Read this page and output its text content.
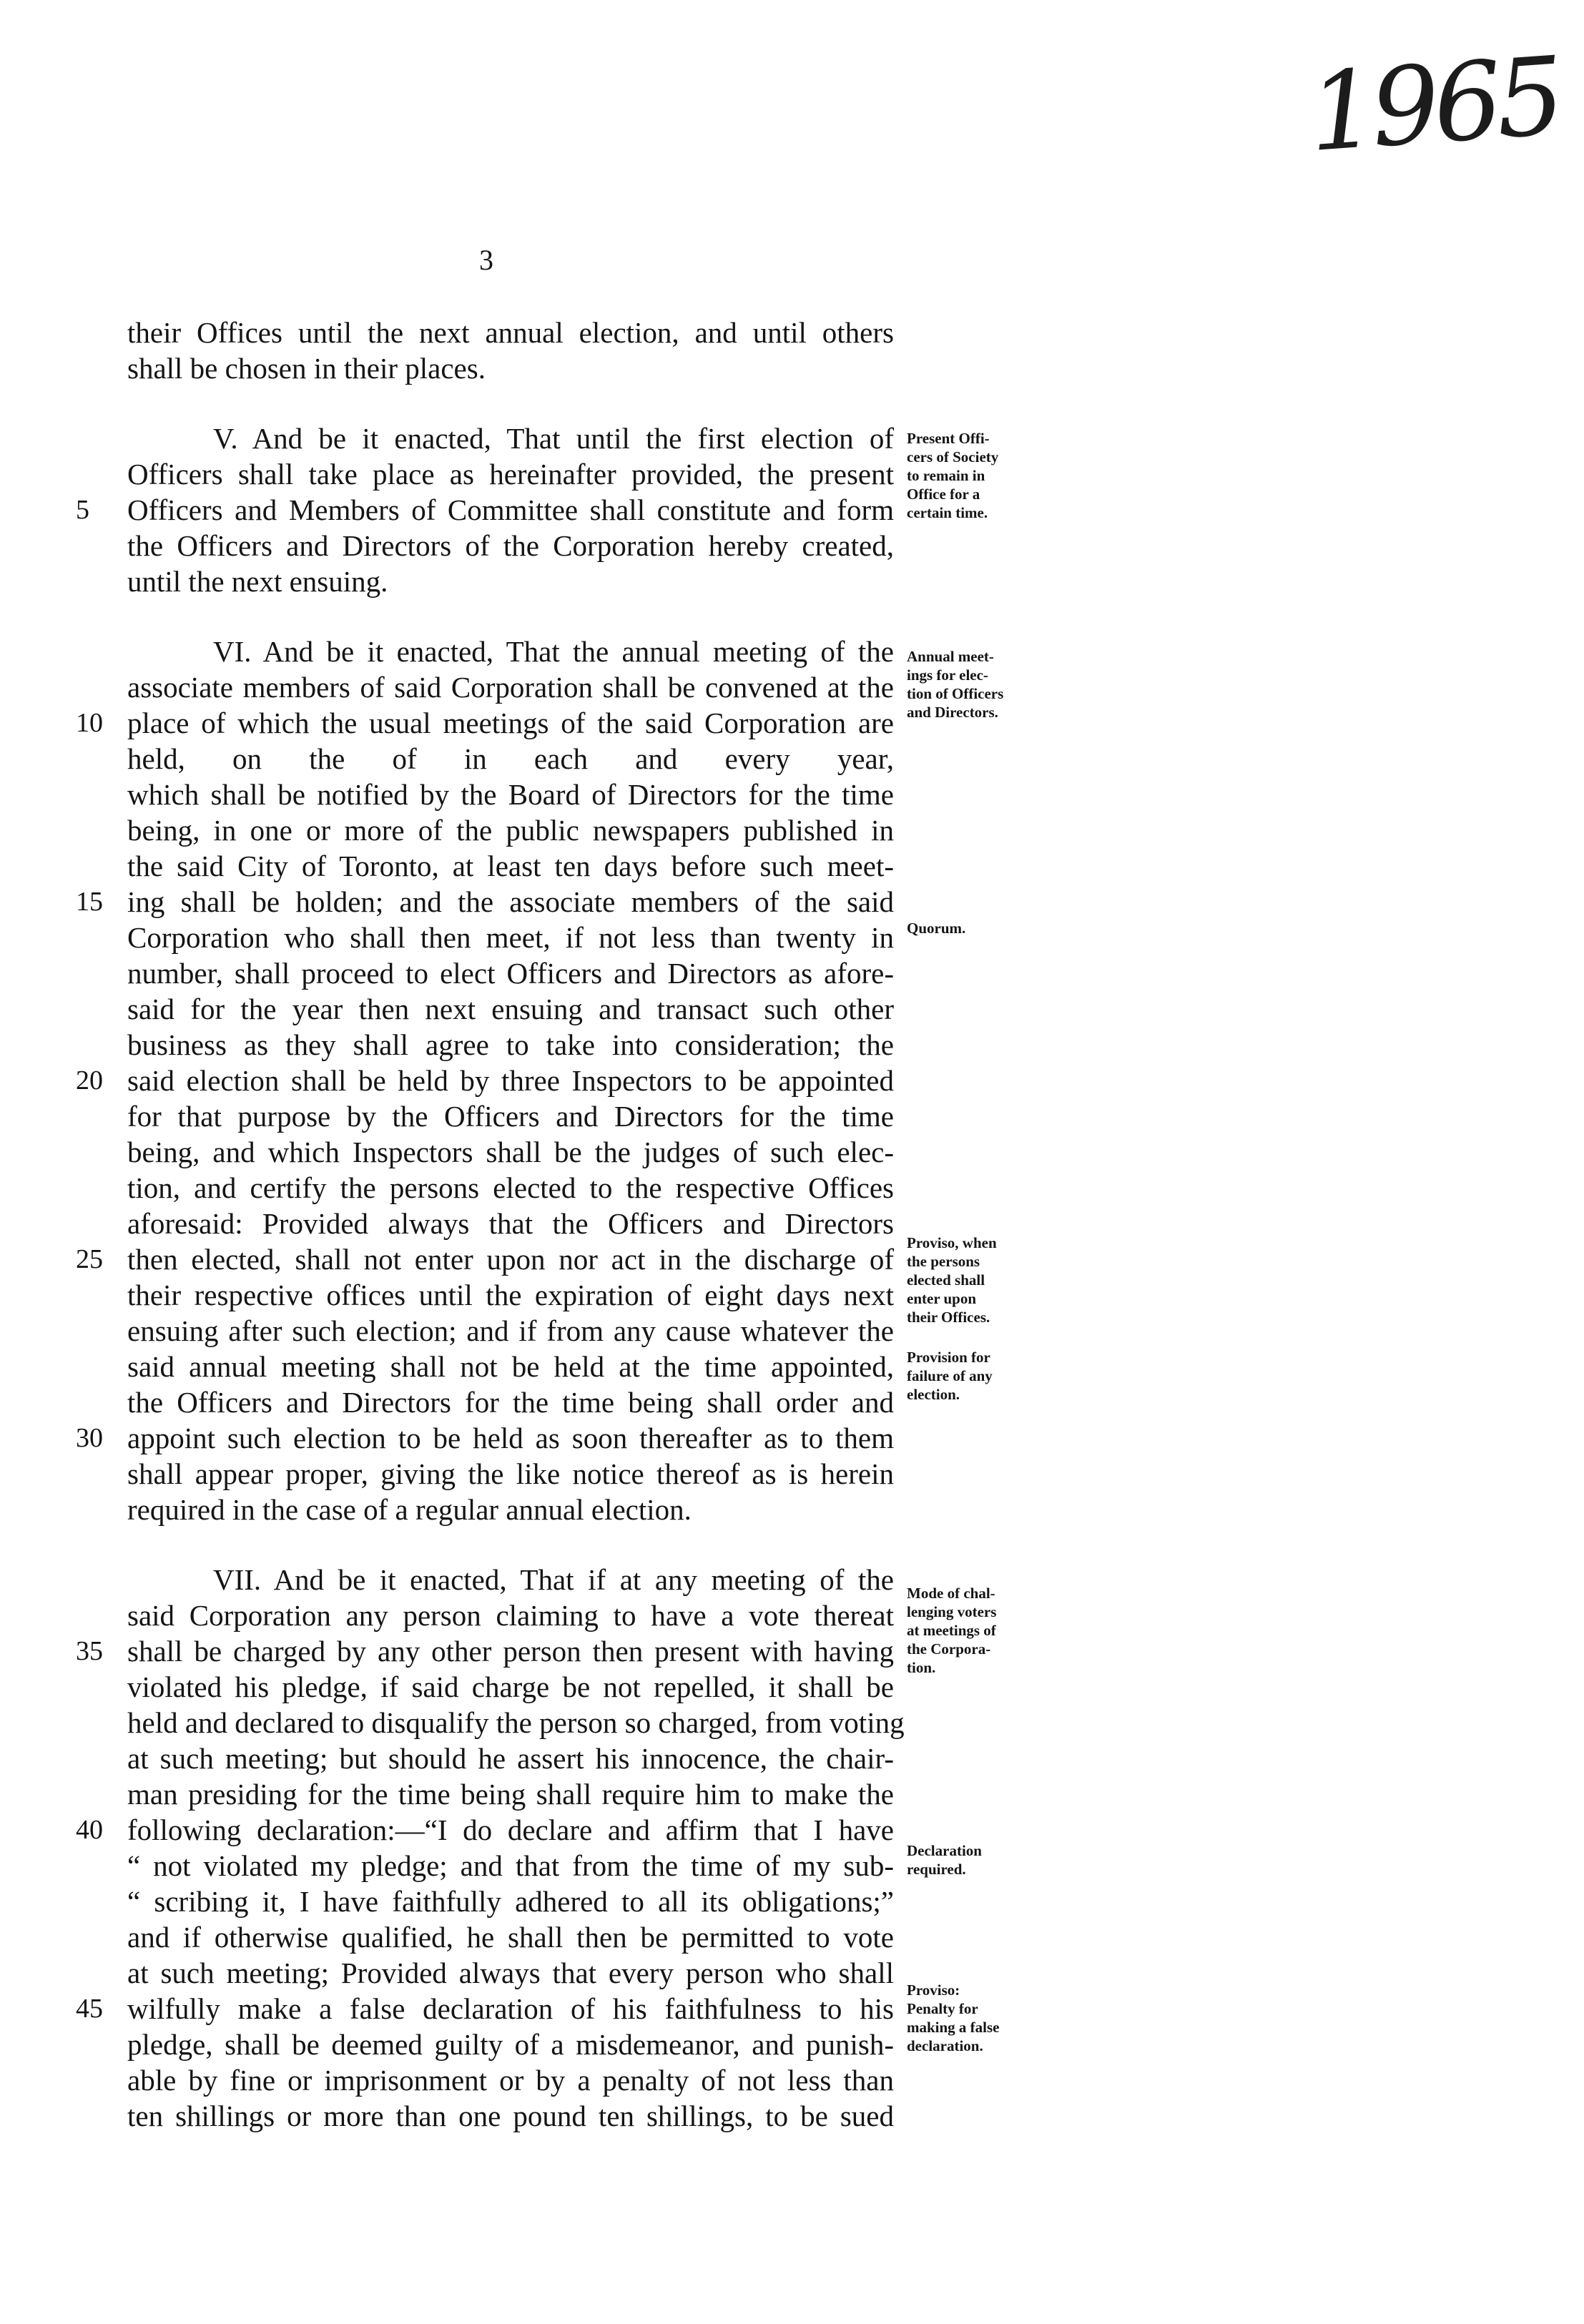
1965
3
their Offices until the next annual election, and until others
shall be chosen in their places.
V. And be it enacted, That until the first election of
Officers shall take place as hereinafter provided, the present
Officers and Members of Committee shall constitute and form
5
the Officers and Directors of the Corporation hereby created,
until the next ensuing.
VI. And be it enacted, That the annual meeting of the
associate members of said Corporation shall be convened at the
place of which the usual meetings of the said Corporation are
10
held, on the of in each and every year,
which shall be notified by the Board of Directors for the time
being, in one or more of the public newspapers published in
the said City of Toronto, at least ten days before such meet-
ing shall be holden; and the associate members of the said
15
Corporation who shall then meet, if not less than twenty in
number, shall proceed to elect Officers and Directors as afore-
said for the year then next ensuing and transact such other
business as they shall agree to take into consideration; the
said election shall be held by three Inspectors to be appointed
20
for that purpose by the Officers and Directors for the time
being, and which Inspectors shall be the judges of such elec-
tion, and certify the persons elected to the respective Offices
aforesaid: Provided always that the Officers and Directors
then elected, shall not enter upon nor act in the discharge of
25
their respective offices until the expiration of eight days next
ensuing after such election; and if from any cause whatever the
said annual meeting shall not be held at the time appointed,
the Officers and Directors for the time being shall order and
appoint such election to be held as soon thereafter as to them
30
shall appear proper, giving the like notice thereof as is herein
required in the case of a regular annual election.
VII. And be it enacted, That if at any meeting of the
said Corporation any person claiming to have a vote thereat
shall be charged by any other person then present with having
35
violated his pledge, if said charge be not repelled, it shall be
held and declared to disqualify the person so charged, from voting
at such meeting; but should he assert his innocence, the chair-
man presiding for the time being shall require him to make the
following declaration:—“I do declare and affirm that I have
40
“ not violated my pledge; and that from the time of my sub-
“ scribing it, I have faithfully adhered to all its obligations;”
and if otherwise qualified, he shall then be permitted to vote
at such meeting; Provided always that every person who shall
wilfully make a false declaration of his faithfulness to his
45
pledge, shall be deemed guilty of a misdemeanor, and punish-
able by fine or imprisonment or by a penalty of not less than
ten shillings or more than one pound ten shillings, to be sued
Present Offi-
cers of Society
to remain in
Office for a
certain time.
Annual meet-
ings for elec-
tion of Officers
and Directors.
Quorum.
Proviso, when
the persons
elected shall
enter upon
their Offices.
Provision for
failure of any
election.
Mode of chal-
lenging voters
at meetings of
the Corpora-
tion.
Declaration
required.
Proviso:
Penalty for
making a false
declaration.
